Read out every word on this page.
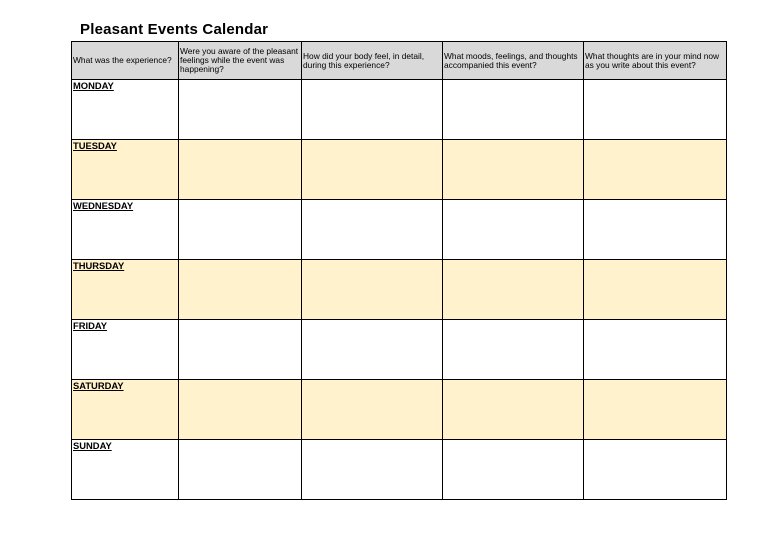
Pleasant Events Calendar
What was the experience?	Were you aware of the pleasant feelings while the event was happening?	How did your body feel, in detail, during this experience?	What moods, feelings, and thoughts accompanied this event?	What thoughts are in your mind now as you write about this event?

MONDAY				

TUESDAY				

WEDNESDAY				

THURSDAY				

FRIDAY				

SATURDAY				

SUNDAY				
